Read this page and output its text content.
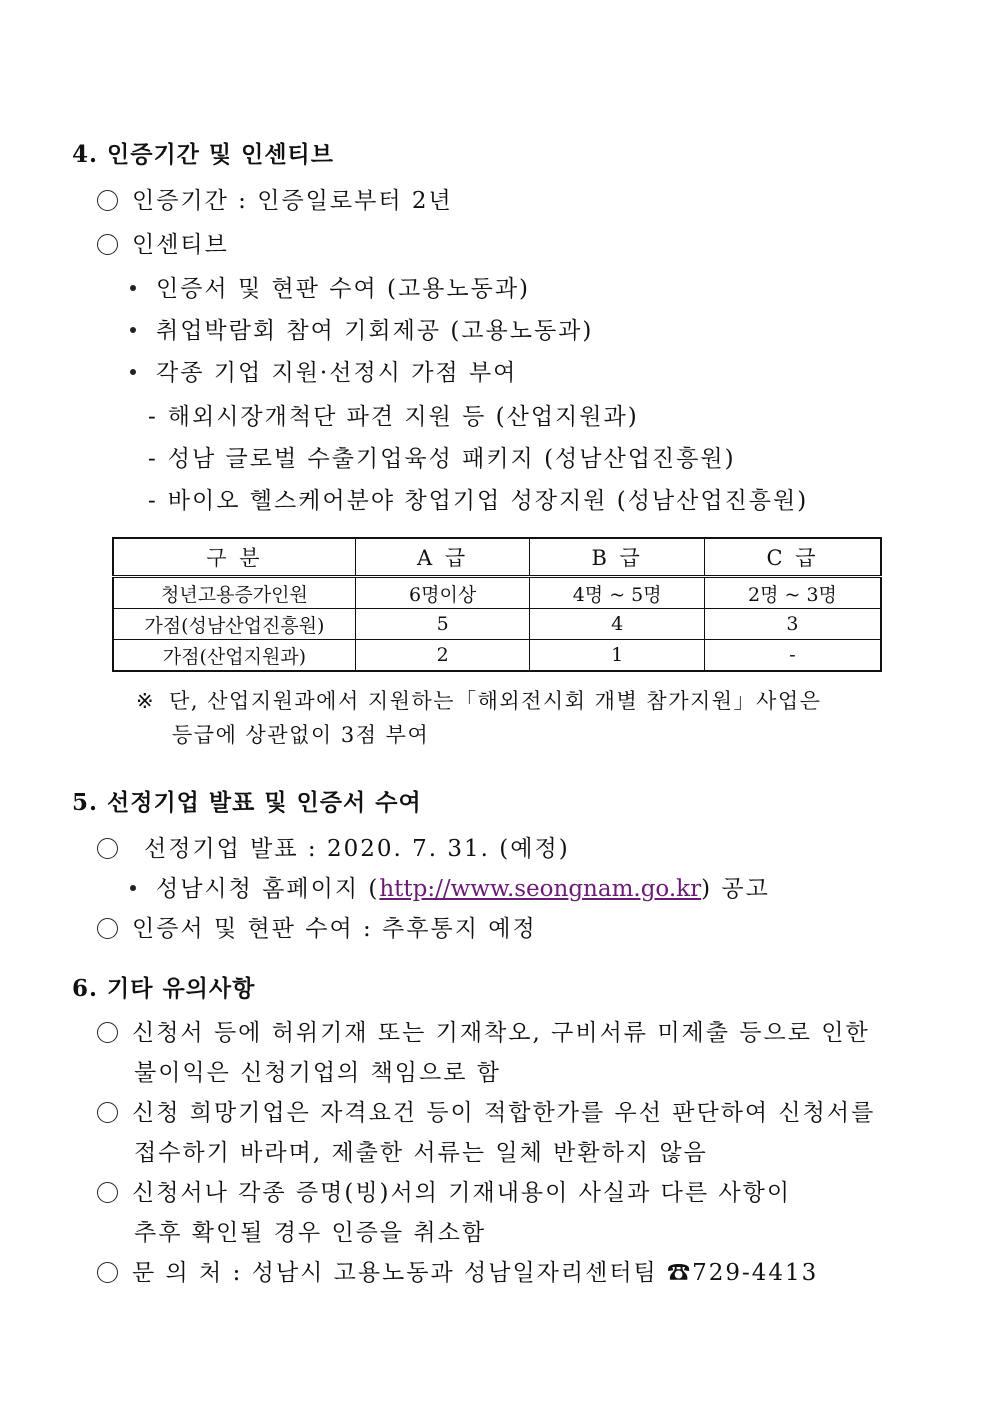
4. 인증기간 및 인센티브
인증기간 : 인증일로부터 2년
인센티브
인증서 및 현판 수여 (고용노동과)
취업박람회 참여 기회제공 (고용노동과)
각종 기업 지원·선정시 가점 부여
- 해외시장개척단 파견 지원 등 (산업지원과)
- 성남 글로벌 수출기업육성 패키지 (성남산업진흥원)
- 바이오 헬스케어분야 창업기업 성장지원 (성남산업진흥원)
구 분	A 급	B 급	C 급
청년고용증가인원	6명이상	4명 ~ 5명	2명 ~ 3명
가점(성남산업진흥원)	5	4	3
가점(산업지원과)	2	1	-
※ 단, 산업지원과에서 지원하는「해외전시회 개별 참가지원」사업은
등급에 상관없이 3점 부여
5. 선정기업 발표 및 인증서 수여
선정기업 발표 : 2020. 7. 31. (예정)
성남시청 홈페이지 (http://www.seongnam.go.kr) 공고
인증서 및 현판 수여 : 추후통지 예정
6. 기타 유의사항
신청서 등에 허위기재 또는 기재착오, 구비서류 미제출 등으로 인한
불이익은 신청기업의 책임으로 함
신청 희망기업은 자격요건 등이 적합한가를 우선 판단하여 신청서를
접수하기 바라며, 제출한 서류는 일체 반환하지 않음
신청서나 각종 증명(빙)서의 기재내용이 사실과 다른 사항이
추후 확인될 경우 인증을 취소함
문 의 처 : 성남시 고용노동과 성남일자리센터팀 ☎729-4413
